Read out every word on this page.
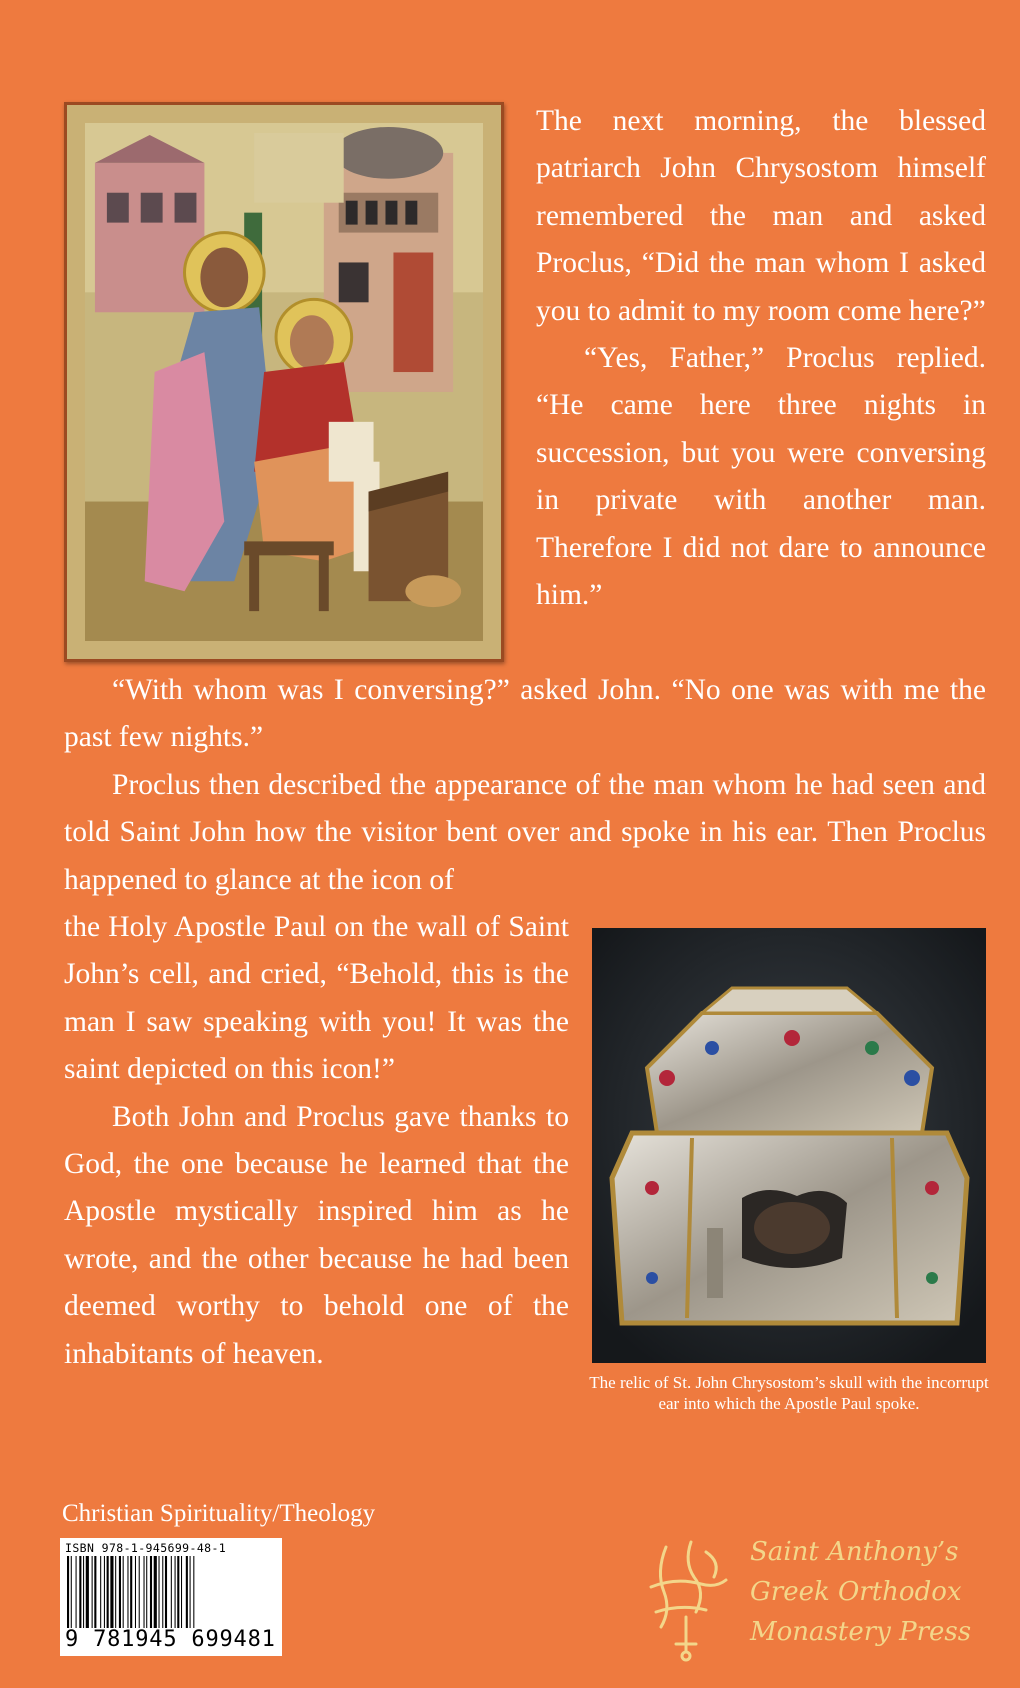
The next morning, the blessed patriarch John Chrysostom himself remembered the man and asked Proclus, “Did the man whom I asked you to admit to my room come here?”

“Yes, Father,” Proclus replied. “He came here three nights in succession, but you were conversing in private with another man. Therefore I did not dare to announce him.”

“With whom was I conversing?” asked John. “No one was with me the past few nights.”

Proclus then described the appearance of the man whom he had seen and told Saint John how the visitor bent over and spoke in his ear. Then Proclus happened to glance at the icon of

the Holy Apostle Paul on the wall of Saint John’s cell, and cried, “Behold, this is the man I saw speaking with you! It was the saint depicted on this icon!”

Both John and Proclus gave thanks to God, the one because he learned that the Apostle mystically inspired him as he wrote, and the other because he had been deemed worthy to behold one of the inhabitants of heaven.

The relic of St. John Chrysostom’s skull with the incorrupt ear into which the Apostle Paul spoke.
Christian Spirituality/Theology
ISBN 978-1-945699-48-1
9 781945 699481
Saint Anthony’s
Greek Orthodox
Monastery Press
